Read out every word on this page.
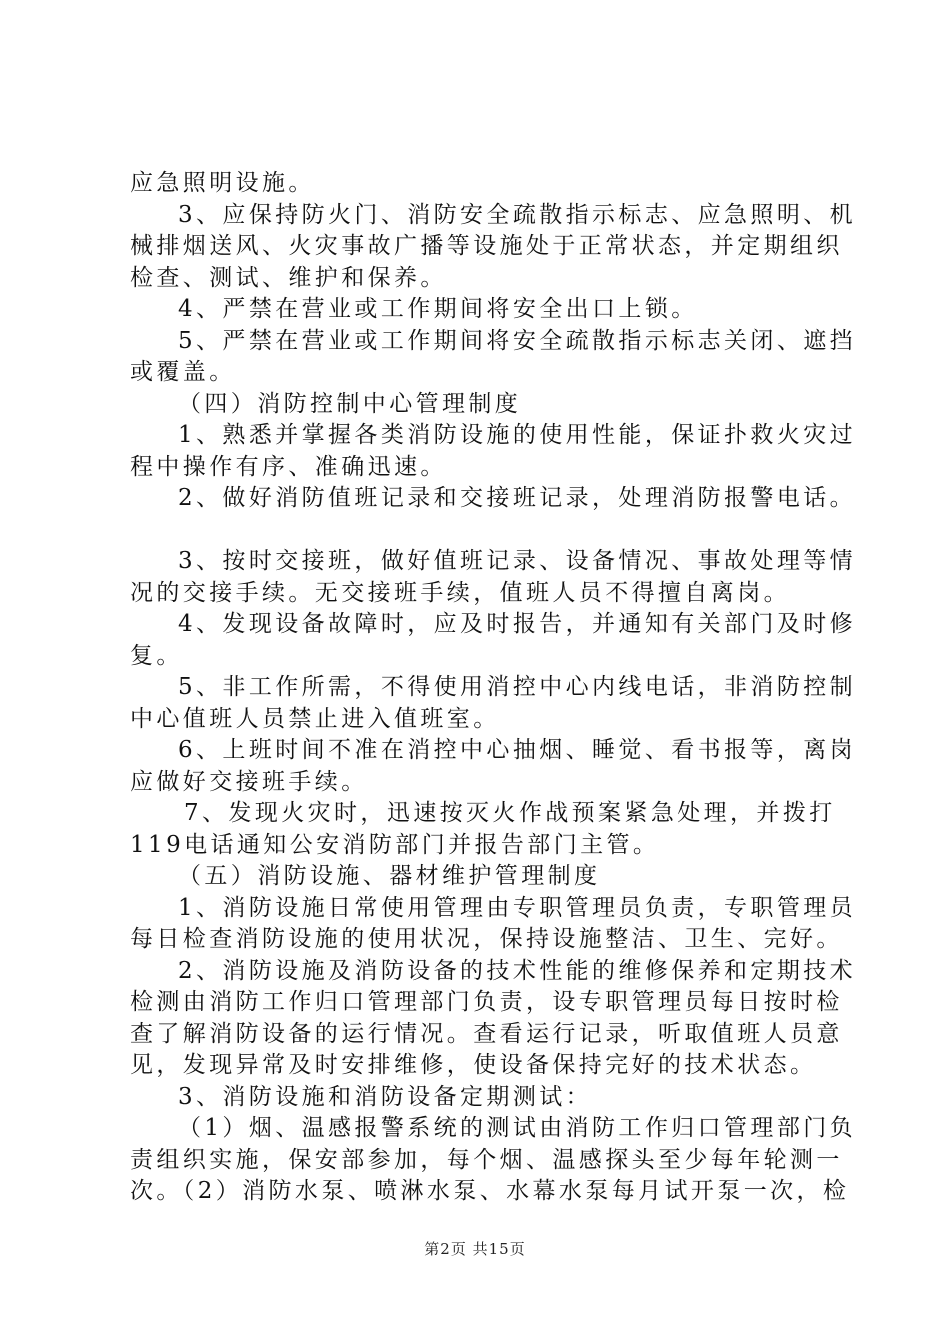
应急照明设施。
3、应保持防火门、消防安全疏散指示标志、应急照明、机
械排烟送风、火灾事故广播等设施处于正常状态，并定期组织
检查、测试、维护和保养。
4、严禁在营业或工作期间将安全出口上锁。
5、严禁在营业或工作期间将安全疏散指示标志关闭、遮挡
或覆盖。
（四）消防控制中心管理制度
1、熟悉并掌握各类消防设施的使用性能，保证扑救火灾过
程中操作有序、准确迅速。
2、做好消防值班记录和交接班记录，处理消防报警电话。
3、按时交接班，做好值班记录、设备情况、事故处理等情
况的交接手续。无交接班手续，值班人员不得擅自离岗。
4、发现设备故障时，应及时报告，并通知有关部门及时修
复。
5、非工作所需，不得使用消控中心内线电话，非消防控制
中心值班人员禁止进入值班室。
6、上班时间不准在消控中心抽烟、睡觉、看书报等，离岗
应做好交接班手续。
7、发现火灾时，迅速按灭火作战预案紧急处理，并拨打
119电话通知公安消防部门并报告部门主管。
（五）消防设施、器材维护管理制度
1、消防设施日常使用管理由专职管理员负责，专职管理员
每日检查消防设施的使用状况，保持设施整洁、卫生、完好。
2、消防设施及消防设备的技术性能的维修保养和定期技术
检测由消防工作归口管理部门负责，设专职管理员每日按时检
查了解消防设备的运行情况。查看运行记录，听取值班人员意
见，发现异常及时安排维修，使设备保持完好的技术状态。
3、消防设施和消防设备定期测试：
（1）烟、温感报警系统的测试由消防工作归口管理部门负
责组织实施，保安部参加，每个烟、温感探头至少每年轮测一
次。（2）消防水泵、喷淋水泵、水幕水泵每月试开泵一次，检
第2页 共15页
